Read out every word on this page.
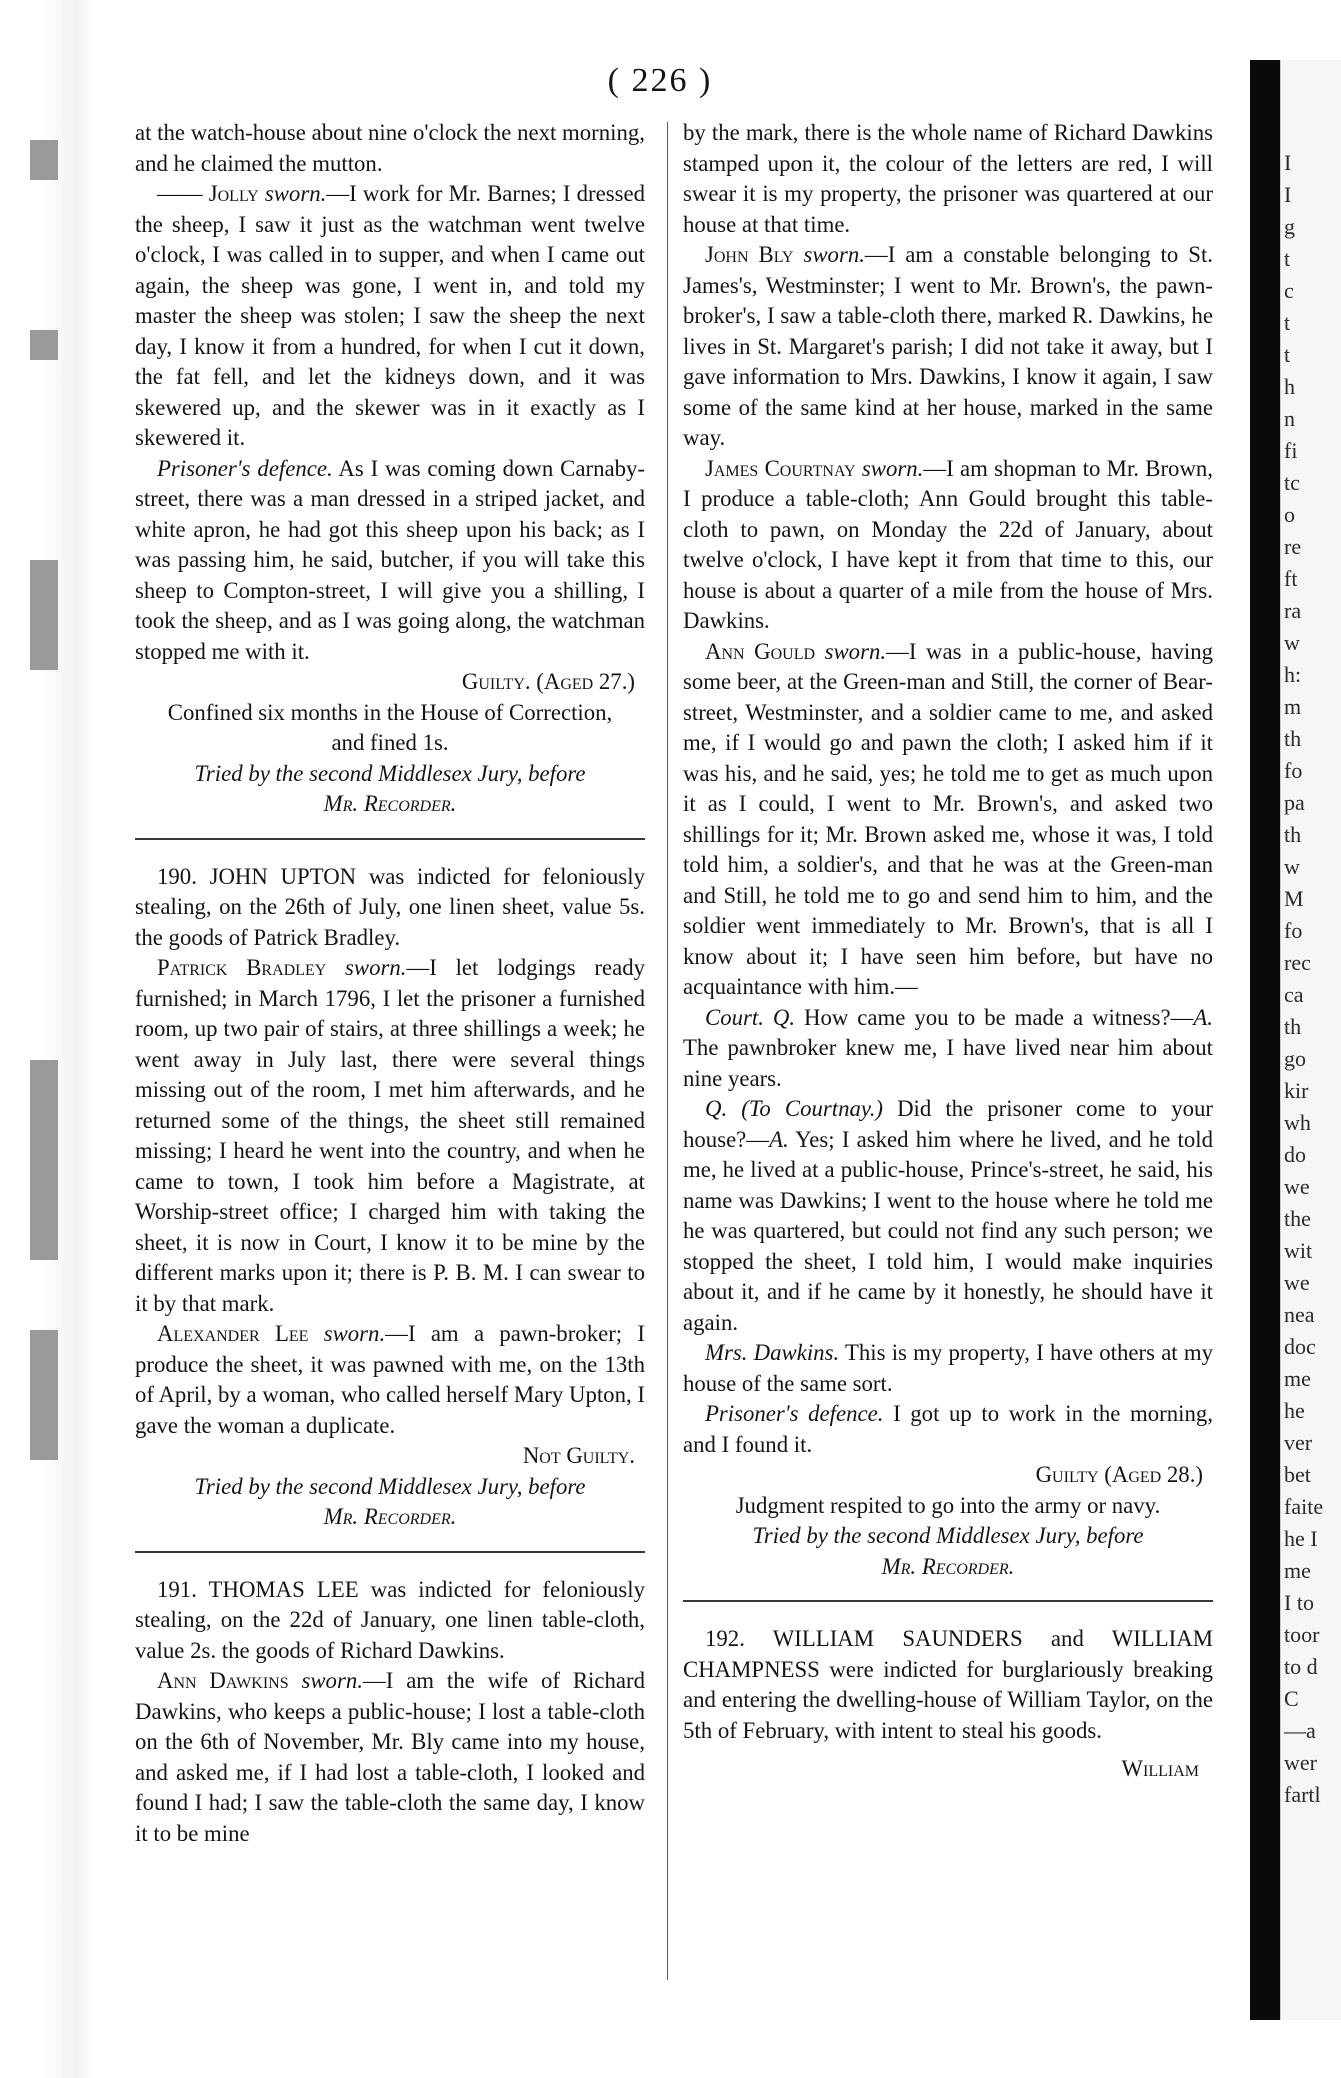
( 226 )

at the watch-house about nine o'clock the next morning, and he claimed the mutton.

—— Jolly sworn.—I work for Mr. Barnes; I dressed the sheep, I saw it just as the watchman went twelve o'clock, I was called in to supper, and when I came out again, the sheep was gone, I went in, and told my master the sheep was stolen; I saw the sheep the next day, I know it from a hundred, for when I cut it down, the fat fell, and let the kidneys down, and it was skewered up, and the skewer was in it exactly as I skewered it.

Prisoner's defence. As I was coming down Carnaby-street, there was a man dressed in a striped jacket, and white apron, he had got this sheep upon his back; as I was passing him, he said, butcher, if you will take this sheep to Compton-street, I will give you a shilling, I took the sheep, and as I was going along, the watchman stopped me with it.

Guilty. (Aged 27.)

Confined six months in the House of Correction,

and fined 1s.

Tried by the second Middlesex Jury, before

Mr. Recorder.

190. JOHN UPTON was indicted for feloniously stealing, on the 26th of July, one linen sheet, value 5s. the goods of Patrick Bradley.

Patrick Bradley sworn.—I let lodgings ready furnished; in March 1796, I let the prisoner a furnished room, up two pair of stairs, at three shillings a week; he went away in July last, there were several things missing out of the room, I met him afterwards, and he returned some of the things, the sheet still remained missing; I heard he went into the country, and when he came to town, I took him before a Magistrate, at Worship-street office; I charged him with taking the sheet, it is now in Court, I know it to be mine by the different marks upon it; there is P. B. M. I can swear to it by that mark.

Alexander Lee sworn.—I am a pawn-broker; I produce the sheet, it was pawned with me, on the 13th of April, by a woman, who called herself Mary Upton, I gave the woman a duplicate.

Not Guilty.

Tried by the second Middlesex Jury, before

Mr. Recorder.

191. THOMAS LEE was indicted for feloniously stealing, on the 22d of January, one linen table-cloth, value 2s. the goods of Richard Dawkins.

Ann Dawkins sworn.—I am the wife of Richard Dawkins, who keeps a public-house; I lost a table-cloth on the 6th of November, Mr. Bly came into my house, and asked me, if I had lost a table-cloth, I looked and found I had; I saw the table-cloth the same day, I know it to be mine

by the mark, there is the whole name of Richard Dawkins stamped upon it, the colour of the letters are red, I will swear it is my property, the prisoner was quartered at our house at that time.

John Bly sworn.—I am a constable belonging to St. James's, Westminster; I went to Mr. Brown's, the pawn-broker's, I saw a table-cloth there, marked R. Dawkins, he lives in St. Margaret's parish; I did not take it away, but I gave information to Mrs. Dawkins, I know it again, I saw some of the same kind at her house, marked in the same way.

James Courtnay sworn.—I am shopman to Mr. Brown, I produce a table-cloth; Ann Gould brought this table-cloth to pawn, on Monday the 22d of January, about twelve o'clock, I have kept it from that time to this, our house is about a quarter of a mile from the house of Mrs. Dawkins.

Ann Gould sworn.—I was in a public-house, having some beer, at the Green-man and Still, the corner of Bear-street, Westminster, and a soldier came to me, and asked me, if I would go and pawn the cloth; I asked him if it was his, and he said, yes; he told me to get as much upon it as I could, I went to Mr. Brown's, and asked two shillings for it; Mr. Brown asked me, whose it was, I told told him, a soldier's, and that he was at the Green-man and Still, he told me to go and send him to him, and the soldier went immediately to Mr. Brown's, that is all I know about it; I have seen him before, but have no acquaintance with him.—

Court. Q. How came you to be made a witness?—A. The pawnbroker knew me, I have lived near him about nine years.

Q. (To Courtnay.) Did the prisoner come to your house?—A. Yes; I asked him where he lived, and he told me, he lived at a public-house, Prince's-street, he said, his name was Dawkins; I went to the house where he told me he was quartered, but could not find any such person; we stopped the sheet, I told him, I would make inquiries about it, and if he came by it honestly, he should have it again.

Mrs. Dawkins. This is my property, I have others at my house of the same sort.

Prisoner's defence. I got up to work in the morning, and I found it.

Guilty (Aged 28.)

Judgment respited to go into the army or navy.

Tried by the second Middlesex Jury, before

Mr. Recorder.

192. WILLIAM SAUNDERS and WILLIAM CHAMPNESS were indicted for burglariously breaking and entering the dwelling-house of William Taylor, on the 5th of February, with intent to steal his goods.

William

I
I
g
t
c
t
t
h
n
fi
tc
o
re
ft
ra
w
h:
m
th
fo
pa
th
w
M
fo
rec
ca
th
go
kir
wh
do
we
the
wit
we
nea
doc
me
he
ver
bet
faite
he I
me
I to
toor
to d
C
—a
wer
fartl
